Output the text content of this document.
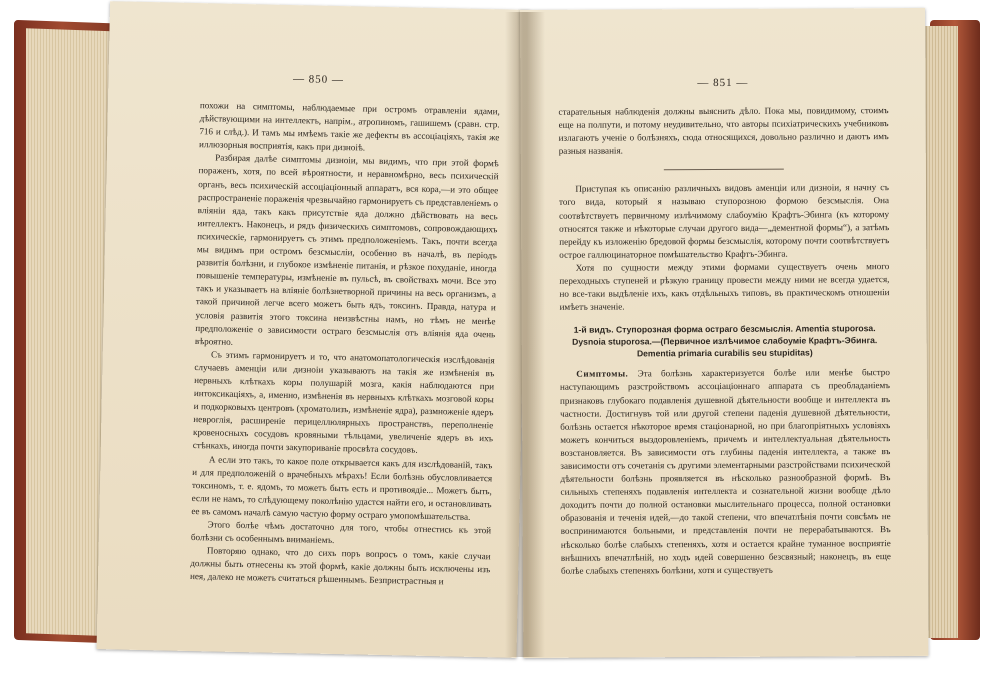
— 850 —

похожи на симптомы, наблюдаемые при остромъ отравленіи ядами, дѣйствующими на интеллектъ, напрім., атропиномъ, гашишемъ (сравн. стр. 716 и слѣд.). И тамъ мы имѣемъ такіе же дефекты въ ассоціаціяхъ, такія же иллюзорныя восприятія, какъ при дизноіѣ.

Разбирая далѣе симптомы дизноіи, мы видимъ, что при этой формѣ пораженъ, хотя, по всей вѣроятности, и неравномѣрно, весь психическій органъ, весь психическій ассоціаціонный аппаратъ, вся кора,—и это общее распространеніе пораженія чрезвычайно гармонируетъ съ представленіемъ о вліяніи яда, такъ какъ присутствіе яда должно дѣйствовать на весь интеллектъ. Наконецъ, и рядъ физическихъ симптомовъ, сопровождающихъ психическіе, гармонируетъ съ этимъ предположеніемъ. Такъ, почти всегда мы видимъ при остромъ безсмысліи, особенно въ началѣ, въ періодъ развитія болѣзни, и глубокое измѣненіе питанія, и рѣзкое похуданіе, иногда повышеніе температуры, измѣненіе въ пульсѣ, въ свойствахъ мочи. Все это такъ и указываетъ на вліяніе болѣзнетворной причины на весь организмъ, а такой причиной легче всего можетъ быть ядъ, токсинъ. Правда, натура и условія развитія этого токсина неизвѣстны намъ, но тѣмъ не менѣе предположеніе о зависимости остраго безсмыслія отъ вліянія яда очень вѣроятно.

Съ этимъ гармонируетъ и то, что анатомопатологическія изслѣдованія случаевъ аменціи или дизноіи указываютъ на такія же измѣненія въ нервныхъ клѣткахъ коры полушарій мозга, какія наблюдаются при интоксикаціяхъ, а, именно, измѣненія въ нервныхъ клѣткахъ мозговой коры и подкорковыхъ центровъ (хроматолизъ, измѣненіе ядра), размноженіе ядеръ невроглія, расширеніе перицеллюлярныхъ пространствъ, переполненіе кровеносныхъ сосудовъ кровяными тѣльцами, увеличеніе ядеръ въ ихъ стѣнкахъ, иногда почти закупориваніе просвѣта сосудовъ.

А если это такъ, то какое поле открывается какъ для изслѣдованій, такъ и для предположеній о врачебныхъ мѣрахъ! Если болѣзнь обусловливается токсиномъ, т. е. ядомъ, то можетъ быть есть и противоядіе... Можетъ быть, если не намъ, то слѣдующему поколѣнію удастся найти его, и остановливать ее въ самомъ началѣ самую частую форму остраго умопомѣшательства.

Этого болѣе чѣмъ достаточно для того, чтобы отнестись къ этой болѣзни съ особеннымъ вниманіемъ.

Повторяю однако, что до сихъ поръ вопросъ о томъ, какіе случаи должны быть отнесены къ этой формѣ, какіе должны быть исключены изъ нея, далеко не можетъ считаться рѣшеннымъ. Безпристрастныя и

— 851 —

старательныя наблюденія должны выяснить дѣло. Пока мы, повидимому, стоимъ еще на полпути, и потому неудивительно, что авторы психіатрическихъ учебниковъ излагаютъ ученіе о болѣзняхъ, сюда относящихся, довольно различно и даютъ имъ разныя названія.

Приступая къ описанію различныхъ видовъ аменціи или дизноіи, я начну съ того вида, который я называю ступорозною формою безсмыслія. Она соотвѣтствуетъ первичному излѣчимому слабоумію Крафтъ-Эбинга (къ которому относятся также и нѣкоторые случаи другого вида—„дементной формы“), а затѣмъ перейду къ изложенію бредовой формы безсмыслія, которому почти соотвѣтствуетъ острое галлюцинаторное помѣшательство Крафтъ-Эбинга.

Хотя по сущности между этими формами существуетъ очень много переходныхъ ступеней и рѣзкую границу провести между ними не всегда удается, но все-таки выдѣленіе ихъ, какъ отдѣльныхъ типовъ, въ практическомъ отношеніи имѣетъ значеніе.

1-й видъ. Ступорозная форма остраго безсмыслія. Amentia stuporosa. Dysnoia stuporosa.—(Первичное излѣчимое слабоуміе Крафтъ-Эбинга. Dementia primaria curabilis seu stupiditas)

Симптомы. Эта болѣзнь характеризуется болѣе или менѣе быстро наступающимъ разстройствомъ ассоціаціоннаго аппарата съ преобладаніемъ признаковъ глубокаго подавленія душевной дѣятельности вообще и интеллекта въ частности. Достигнувъ той или другой степени паденія душевной дѣятельности, болѣзнь остается нѣкоторое время стаціонарной, но при благопріятныхъ условіяхъ можетъ кончиться выздоровленіемъ, причемъ и интеллектуальная дѣятельность возстановляется. Въ зависимости отъ глубины паденія интеллекта, а также въ зависимости отъ сочетанія съ другими элементарными разстройствами психической дѣятельности болѣзнь проявляется въ нѣсколько разнообразной формѣ. Въ сильныхъ степеняхъ подавленія интеллекта и сознательной жизни вообще дѣло доходитъ почти до полной остановки мыслительнаго процесса, полной остановки образованія и теченія идей,—до такой степени, что впечатлѣнія почти совсѣмъ не воспринимаются больными, и представленія почти не перерабатываются. Въ нѣсколько болѣе слабыхъ степеняхъ, хотя и остается крайне туманное восприятіе внѣшнихъ впечатлѣній, но ходъ идей совершенно безсвязный; наконецъ, въ еще болѣе слабыхъ степеняхъ болѣзни, хотя и существуетъ
